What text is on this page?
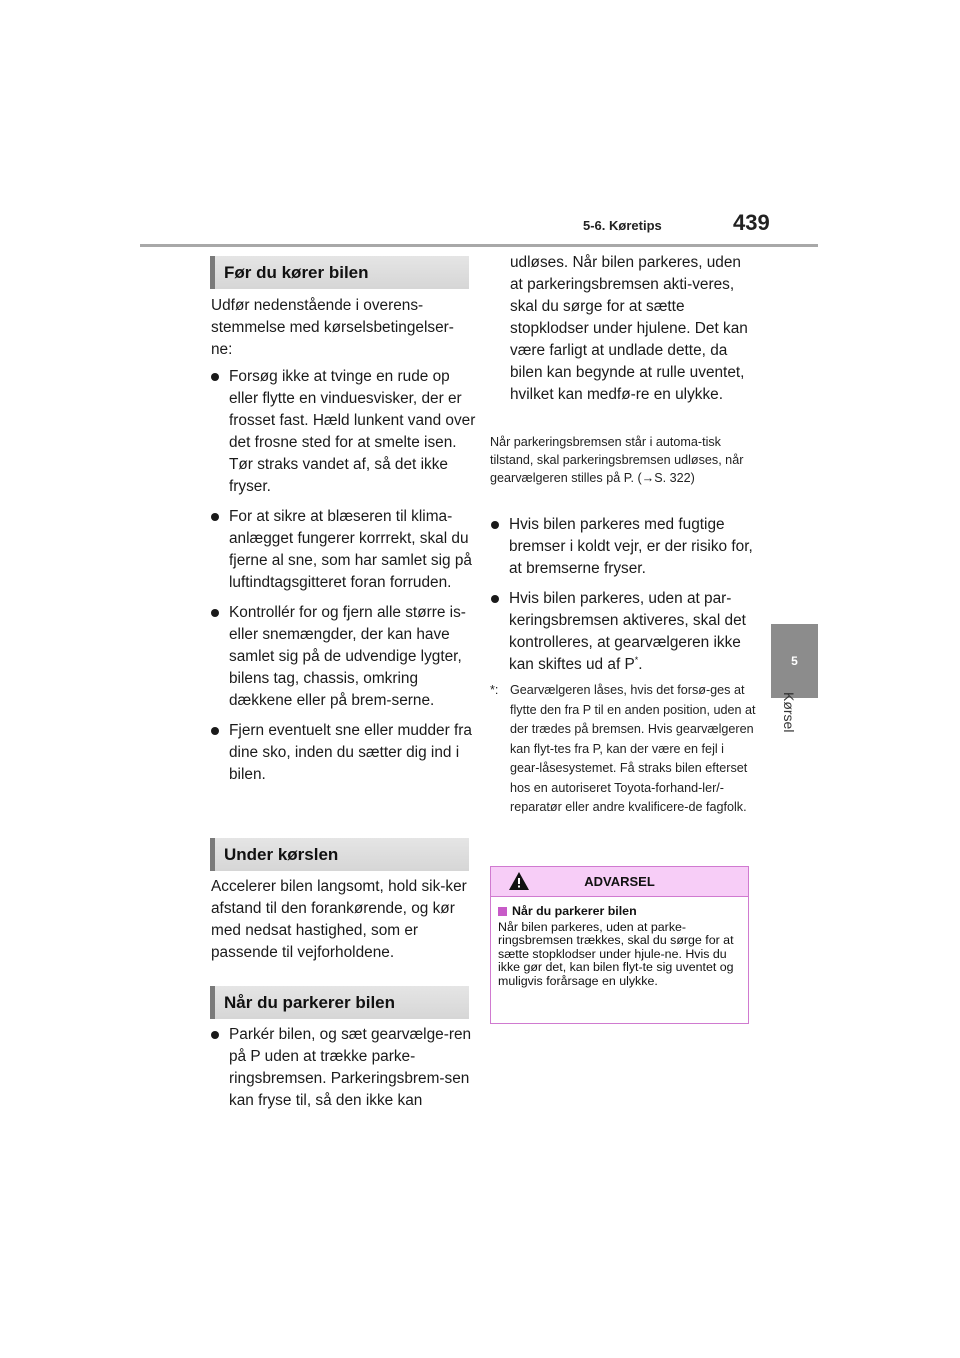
5-6. Køretips	439
5
Kørsel
Før du kører bilen

Udfør nedenstående i overens-stemmelse med kørselsbetingelser-ne:

Forsøg ikke at tvinge en rude op eller flytte en vinduesvisker, der er frosset fast. Hæld lunkent vand over det frosne sted for at smelte isen. Tør straks vandet af, så det ikke fryser.
For at sikre at blæseren til klima-anlægget fungerer korrrekt, skal du fjerne al sne, som har samlet sig på luftindtagsgitteret foran forruden.
Kontrollér for og fjern alle større is- eller snemængder, der kan have samlet sig på de udvendige lygter, bilens tag, chassis, omkring dækkene eller på brem-serne.
Fjern eventuelt sne eller mudder fra dine sko, inden du sætter dig ind i bilen.
Under kørslen

Accelerer bilen langsomt, hold sik-ker afstand til den forankørende, og kør med nedsat hastighed, som er passende til vejforholdene.

Når du parkerer bilen
Parkér bilen, og sæt gearvælge-ren på P uden at trække parke-ringsbremsen. Parkeringsbrem-sen kan fryse til, så den ikke kan

udløses. Når bilen parkeres, uden at parkeringsbremsen akti-veres, skal du sørge for at sætte stopklodser under hjulene. Det kan være farligt at undlade dette, da bilen kan begynde at rulle uventet, hvilket kan medfø-re en ulykke.

Når parkeringsbremsen står i automa-tisk tilstand, skal parkeringsbremsen udløses, når gearvælgeren stilles på P. (→S. 322)

Hvis bilen parkeres med fugtige bremser i koldt vejr, er der risiko for, at bremserne fryser.
Hvis bilen parkeres, uden at par-keringsbremsen aktiveres, skal det kontrolleres, at gearvælgeren ikke kan skiftes ud af P*.
*: Gearvælgeren låses, hvis det forsø-ges at flytte den fra P til en anden position, uden at der trædes på bremsen. Hvis gearvælgeren kan flyt-tes fra P, kan der være en fejl i gear-låsesystemet. Få straks bilen efterset hos en autoriseret Toyota-forhand-ler/-reparatør eller andre kvalificere-de fagfolk.
ADVARSEL
Når du parkerer bilen
Når bilen parkeres, uden at parke-ringsbremsen trækkes, skal du sørge for at sætte stopklodser under hjule-ne. Hvis du ikke gør det, kan bilen flyt-te sig uventet og muligvis forårsage en ulykke.
